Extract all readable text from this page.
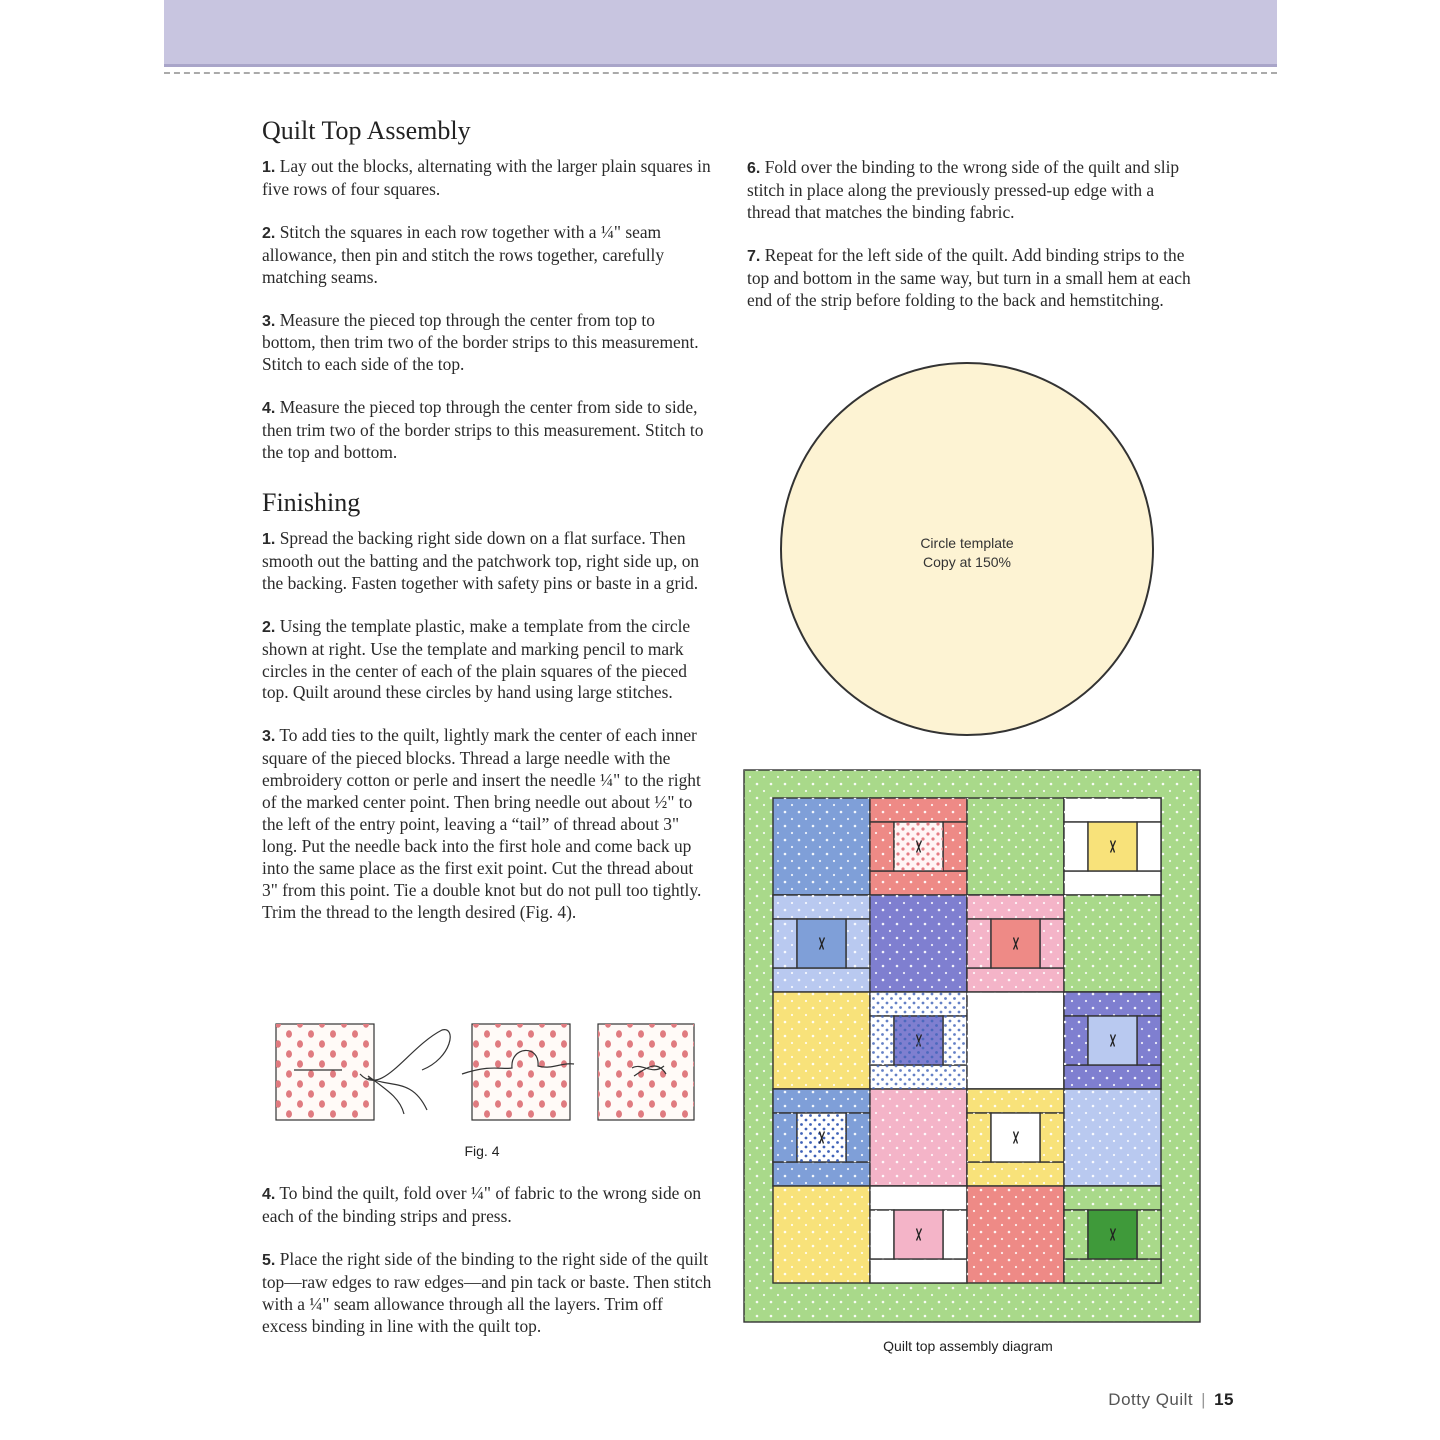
Quilt Top Assembly

1. Lay out the blocks, alternating with the larger plain squares in five rows of four squares.

2. Stitch the squares in each row together with a ¼" seam allowance, then pin and stitch the rows together, carefully matching seams.

3. Measure the pieced top through the center from top to bottom, then trim two of the border strips to this measurement. Stitch to each side of the top.

4. Measure the pieced top through the center from side to side, then trim two of the border strips to this measurement. Stitch to the top and bottom.

Finishing

1. Spread the backing right side down on a flat surface. Then smooth out the batting and the patchwork top, right side up, on the backing. Fasten together with safety pins or baste in a grid.

2. Using the template plastic, make a template from the circle shown at right. Use the template and marking pencil to mark circles in the center of each of the plain squares of the pieced top. Quilt around these circles by hand using large stitches.

3. To add ties to the quilt, lightly mark the center of each inner square of the pieced blocks. Thread a large needle with the embroidery cotton or perle and insert the needle ¼" to the right of the marked center point. Then bring needle out about ½" to the left of the entry point, leaving a “tail” of thread about 3" long. Put the needle back into the first hole and come back up into the same place as the first exit point. Cut the thread about 3" from this point. Tie a double knot but do not pull too tightly. Trim the thread to the length desired (Fig. 4).

Fig. 4

4. To bind the quilt, fold over ¼" of fabric to the wrong side on each of the binding strips and press.

5. Place the right side of the binding to the right side of the quilt top—raw edges to raw edges—and pin tack or baste. Then stitch with a ¼" seam allowance through all the layers. Trim off excess binding in line with the quilt top.

6. Fold over the binding to the wrong side of the quilt and slip stitch in place along the previously pressed-up edge with a thread that matches the binding fabric.

7. Repeat for the left side of the quilt. Add binding strips to the top and bottom in the same way, but turn in a small hem at each end of the strip before folding to the back and hemstitching.

Circle template
Copy at 150%
Quilt top assembly diagram
Dotty Quilt | 15
